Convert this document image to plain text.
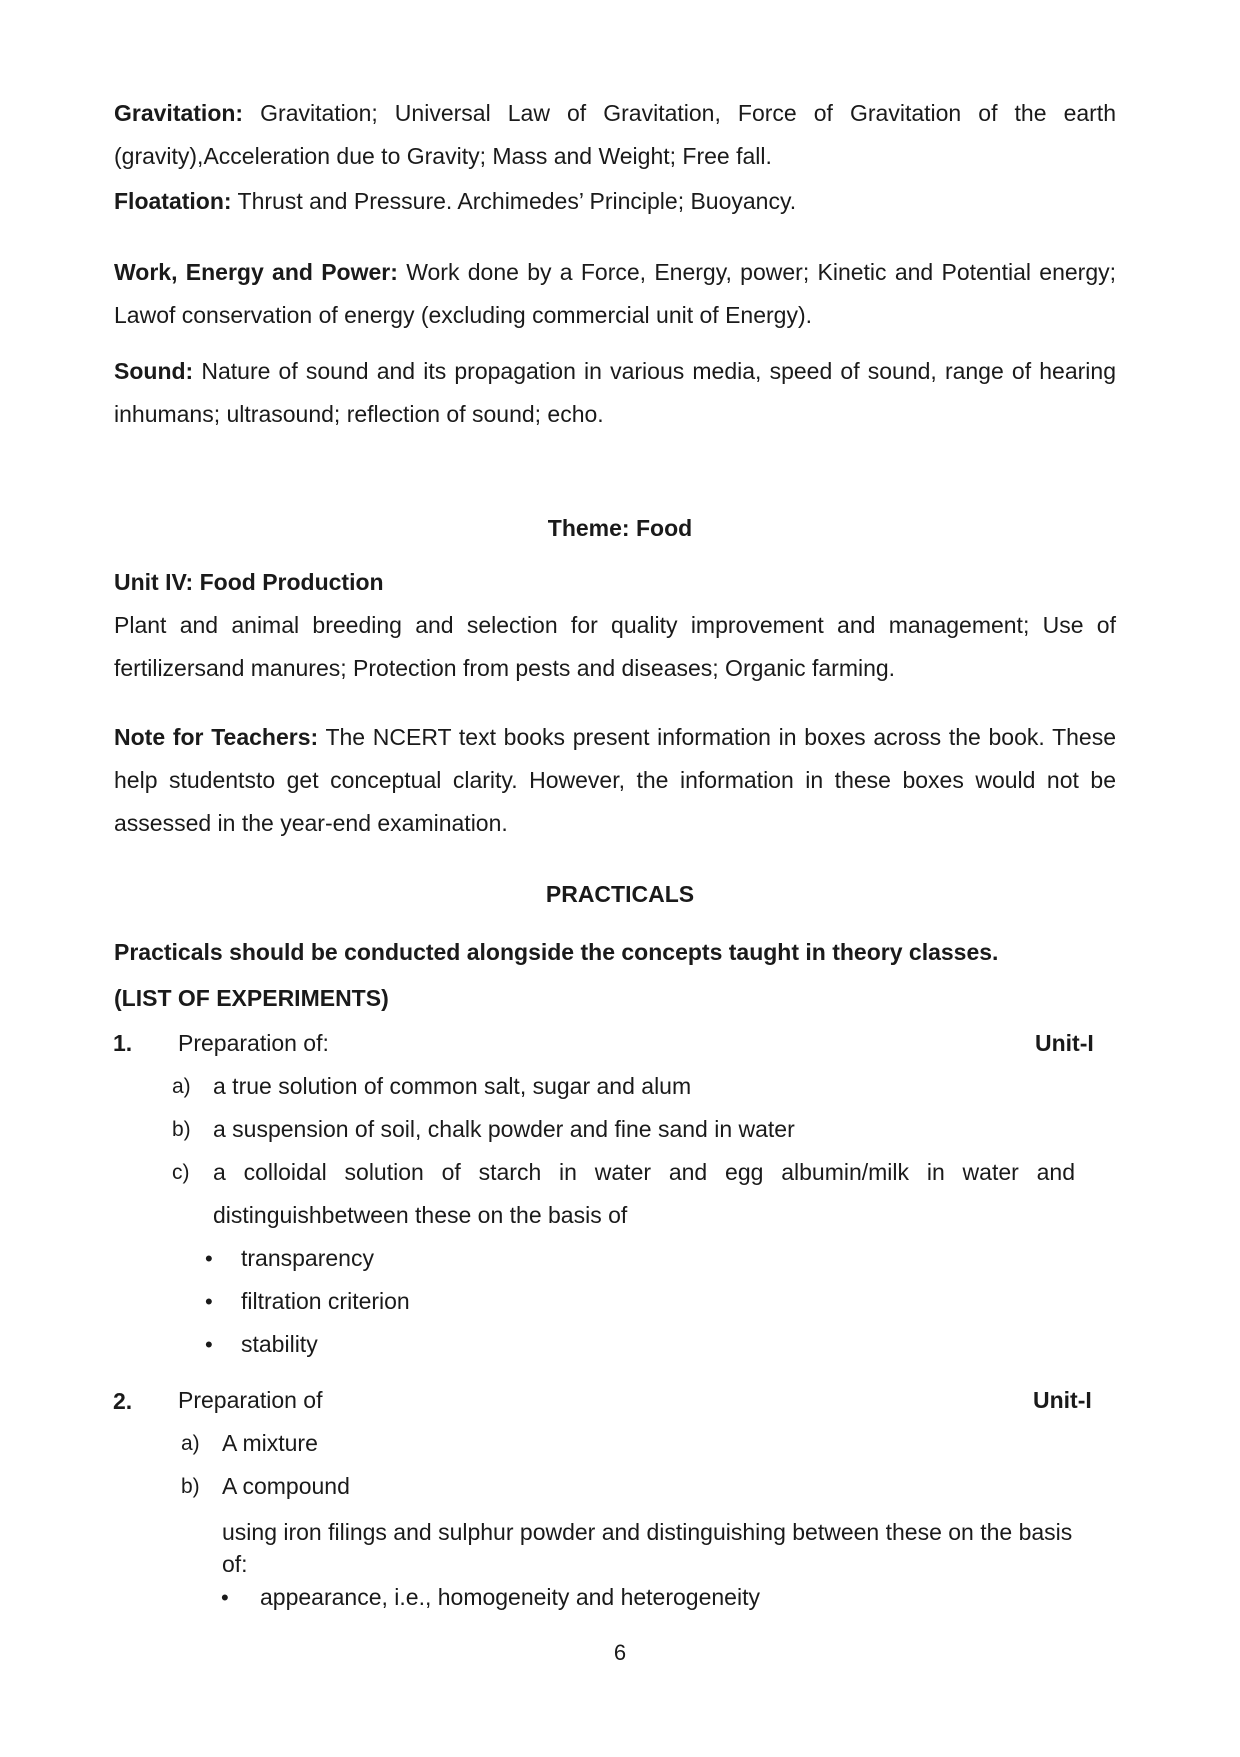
Gravitation: Gravitation; Universal Law of Gravitation, Force of Gravitation of the earth (gravity),Acceleration due to Gravity; Mass and Weight; Free fall.

Floatation: Thrust and Pressure. Archimedes’ Principle; Buoyancy.

Work, Energy and Power: Work done by a Force, Energy, power; Kinetic and Potential energy; Lawof conservation of energy (excluding commercial unit of Energy).

Sound: Nature of sound and its propagation in various media, speed of sound, range of hearing inhumans; ultrasound; reflection of sound; echo.

Theme: Food

Unit IV: Food Production

Plant and animal breeding and selection for quality improvement and management; Use of fertilizersand manures; Protection from pests and diseases; Organic farming.

Note for Teachers: The NCERT text books present information in boxes across the book. These help studentsto get conceptual clarity. However, the information in these boxes would not be assessed in the year-end examination.

PRACTICALS

Practicals should be conducted alongside the concepts taught in theory classes.

(LIST OF EXPERIMENTS)

1. Preparation of:	Unit-I

a) a true solution of common salt, sugar and alum

b) a suspension of soil, chalk powder and fine sand in water

c) a colloidal solution of starch in water and egg albumin/milk in water and distinguishbetween these on the basis of

• transparency

• filtration criterion

• stability

2. Preparation of	Unit-I

a) A mixture

b) A compound

using iron filings and sulphur powder and distinguishing between these on the basis of:

• appearance, i.e., homogeneity and heterogeneity

6
